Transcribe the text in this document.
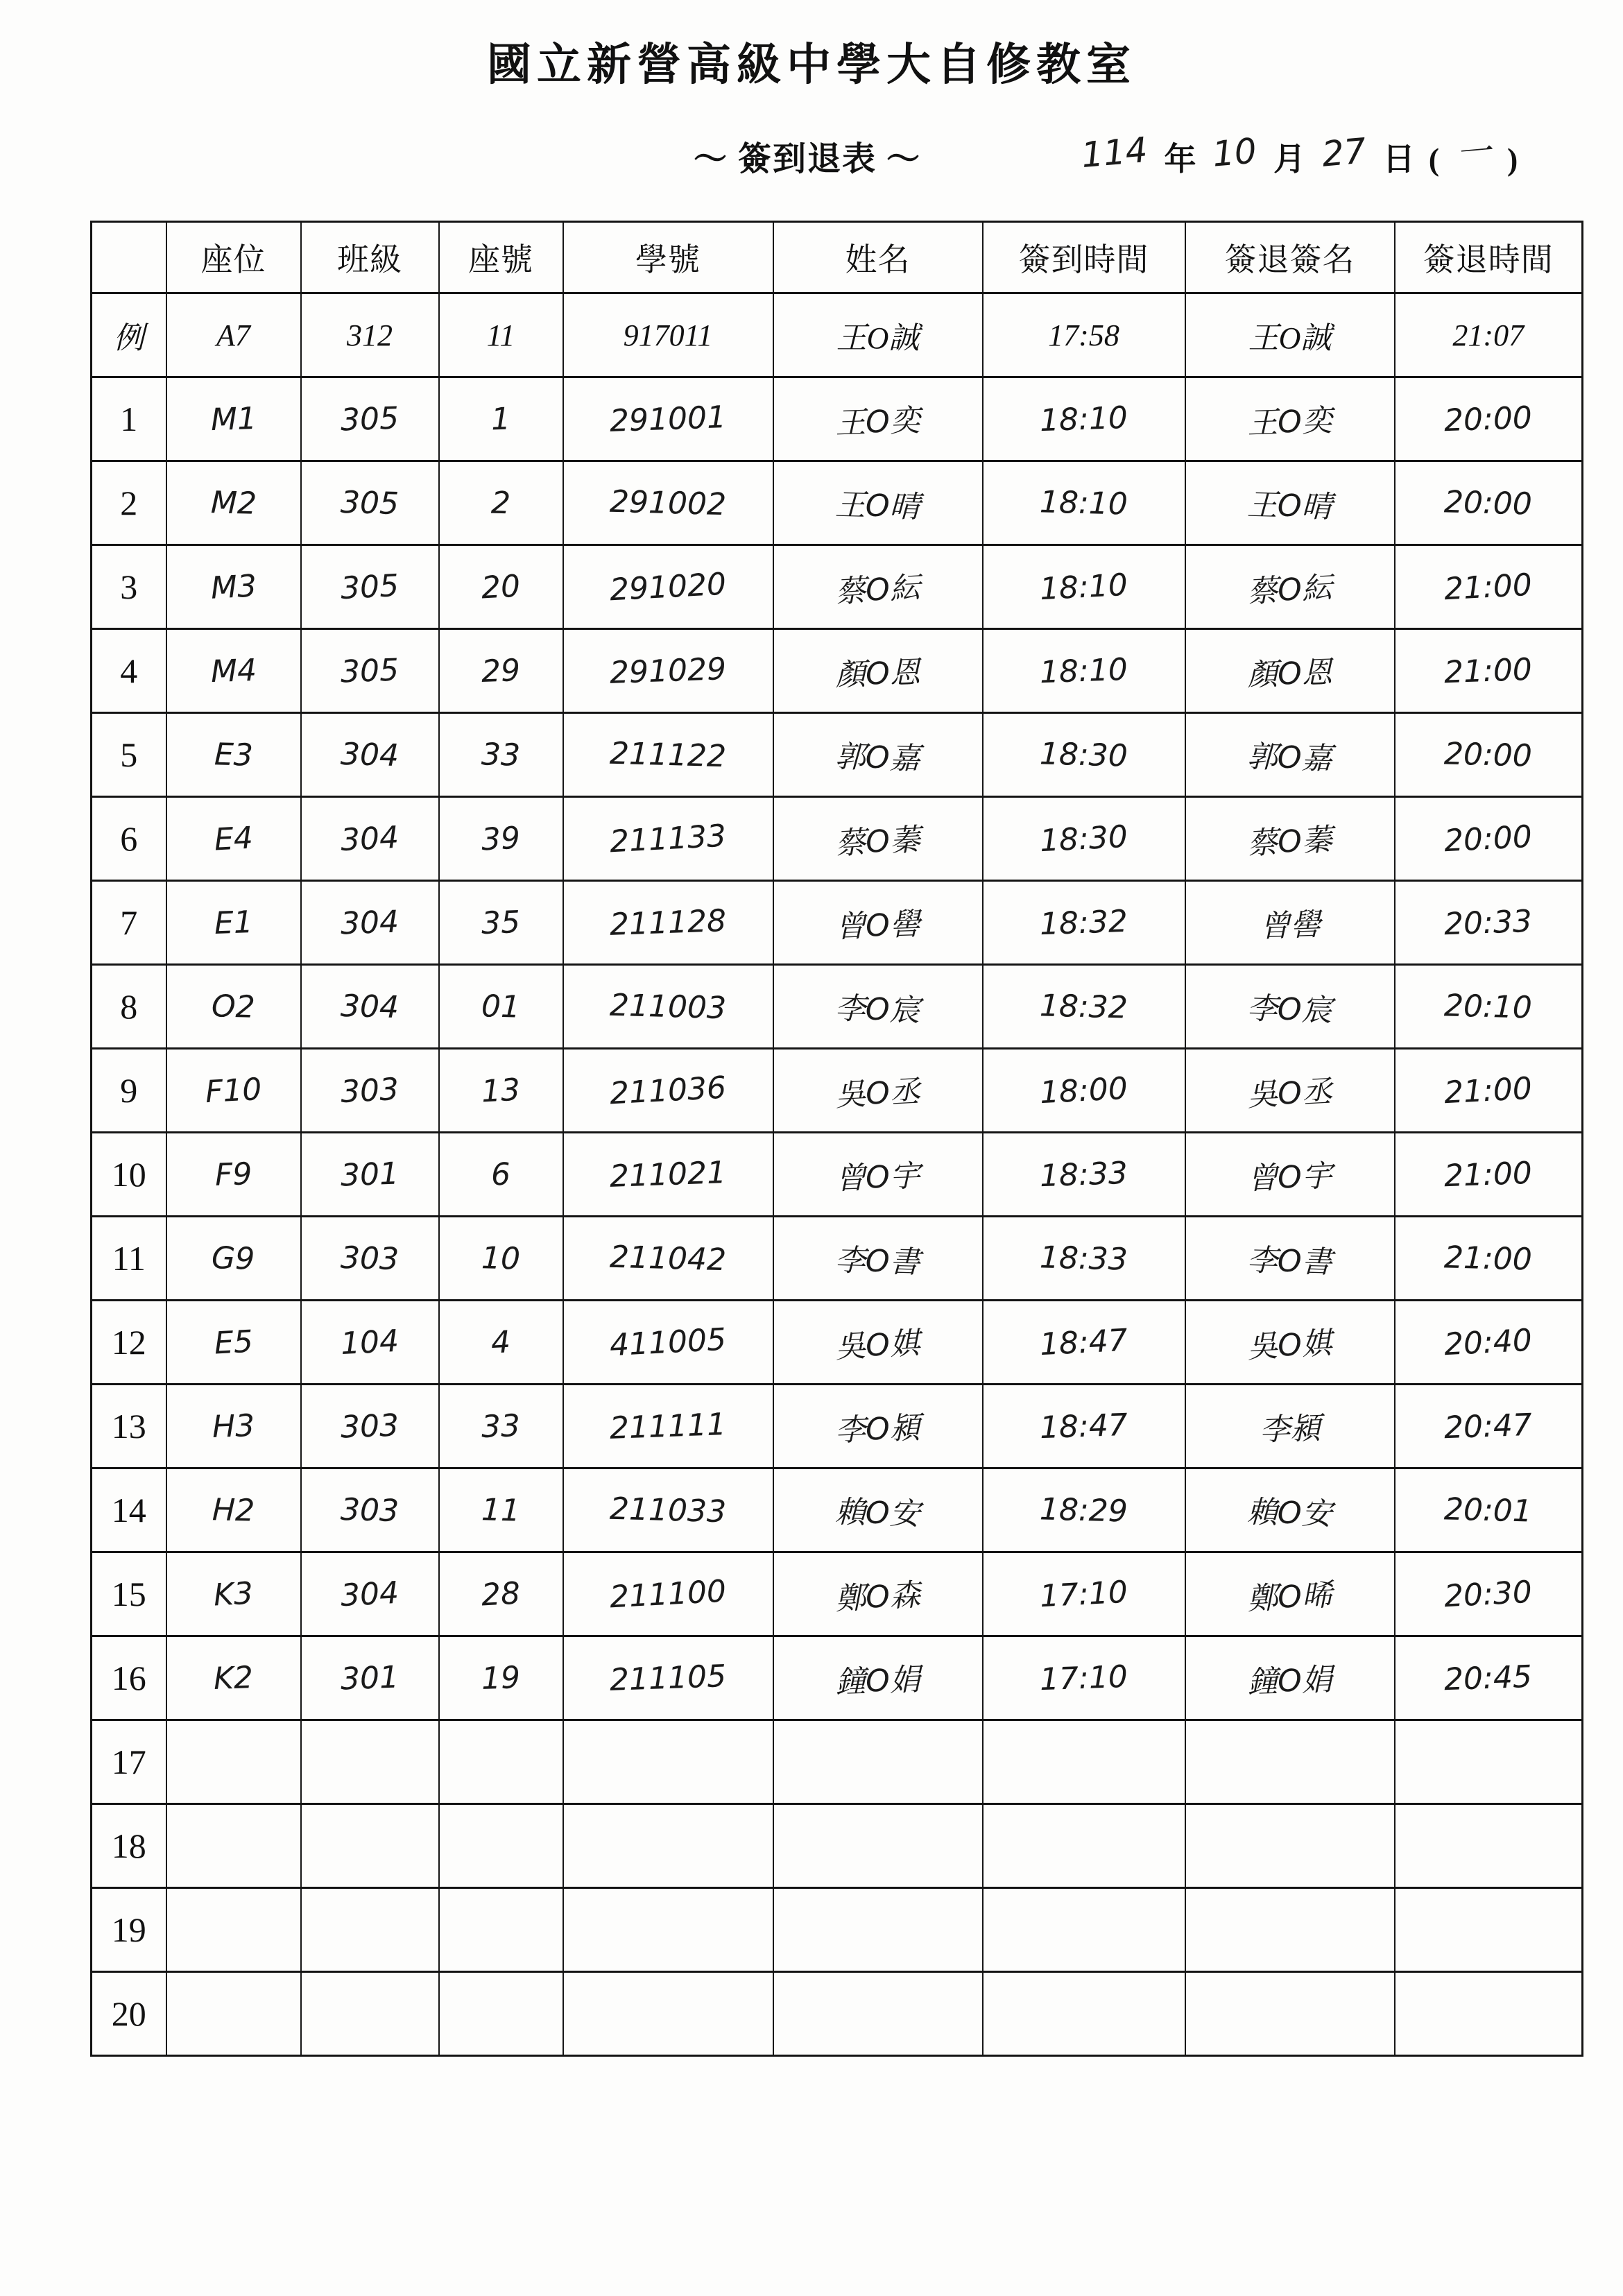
國立新營高級中學大自修教室
～ 簽到退表 ～	114 年 10 月 27 日 ( 一 )
	座位	班級	座號	學號	姓名	簽到時間	簽退簽名	簽退時間
例	A7	312	11	917011	王O誠	17:58	王O誠	21:07
1	M1	305	1	291001	王O奕	18:10	王O奕	20:00
2	M2	305	2	291002	王O晴	18:10	王O晴	20:00
3	M3	305	20	291020	蔡O紜	18:10	蔡O紜	21:00
4	M4	305	29	291029	顏O恩	18:10	顏O恩	21:00
5	E3	304	33	211122	郭O嘉	18:30	郭O嘉	20:00
6	E4	304	39	211133	蔡O蓁	18:30	蔡O蓁	20:00
7	E1	304	35	211128	曾O嚳	18:32	曾嚳	20:33
8	O2	304	01	211003	李O宸	18:32	李O宸	20:10
9	F10	303	13	211036	吳O丞	18:00	吳O丞	21:00
10	F9	301	6	211021	曾O宇	18:33	曾O宇	21:00
11	G9	303	10	211042	李O書	18:33	李O書	21:00
12	E5	104	4	411005	吳O娸	18:47	吳O娸	20:40
13	H3	303	33	211111	李O潁	18:47	李潁	20:47
14	H2	303	11	211033	賴O安	18:29	賴O安	20:01
15	K3	304	28	211100	鄭O森	17:10	鄭O晞	20:30
16	K2	301	19	211105	鐘O娟	17:10	鐘O娟	20:45
17								
18								
19								
20								
